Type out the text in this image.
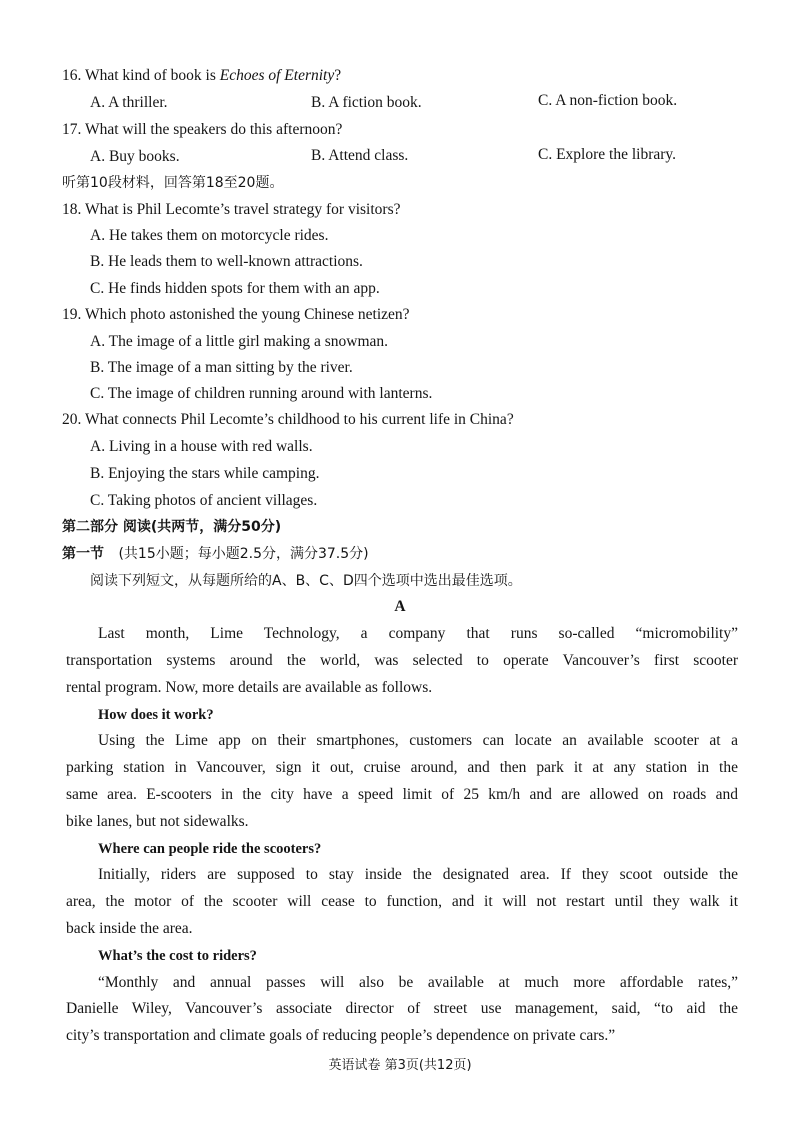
16. What kind of book is Echoes of Eternity?
A. A thriller.	B. A fiction book.	C. A non-fiction book.
17. What will the speakers do this afternoon?
A. Buy books.	B. Attend class.	C. Explore the library.
听第10段材料，回答第18至20题。
18. What is Phil Lecomte’s travel strategy for visitors?
A. He takes them on motorcycle rides.
B. He leads them to well-known attractions.
C. He finds hidden spots for them with an app.
19. Which photo astonished the young Chinese netizen?
A. The image of a little girl making a snowman.
B. The image of a man sitting by the river.
C. The image of children running around with lanterns.
20. What connects Phil Lecomte’s childhood to his current life in China?
A. Living in a house with red walls.
B. Enjoying the stars while camping.
C. Taking photos of ancient villages.
第二部分 阅读(共两节，满分50分)
第一节 (共15小题；每小题2.5分，满分37.5分)
阅读下列短文，从每题所给的A、B、C、D四个选项中选出最佳选项。
A
Last month, Lime Technology, a company that runs so-called “micromobility”
transportation systems around the world, was selected to operate Vancouver’s first scooter
rental program. Now, more details are available as follows.
How does it work?
Using the Lime app on their smartphones, customers can locate an available scooter at a
parking station in Vancouver, sign it out, cruise around, and then park it at any station in the
same area. E-scooters in the city have a speed limit of 25 km/h and are allowed on roads and
bike lanes, but not sidewalks.
Where can people ride the scooters?
Initially, riders are supposed to stay inside the designated area. If they scoot outside the
area, the motor of the scooter will cease to function, and it will not restart until they walk it
back inside the area.
What’s the cost to riders?
“Monthly and annual passes will also be available at much more affordable rates,”
Danielle Wiley, Vancouver’s associate director of street use management, said, “to aid the
city’s transportation and climate goals of reducing people’s dependence on private cars.”
英语试卷 第3页(共12页)
